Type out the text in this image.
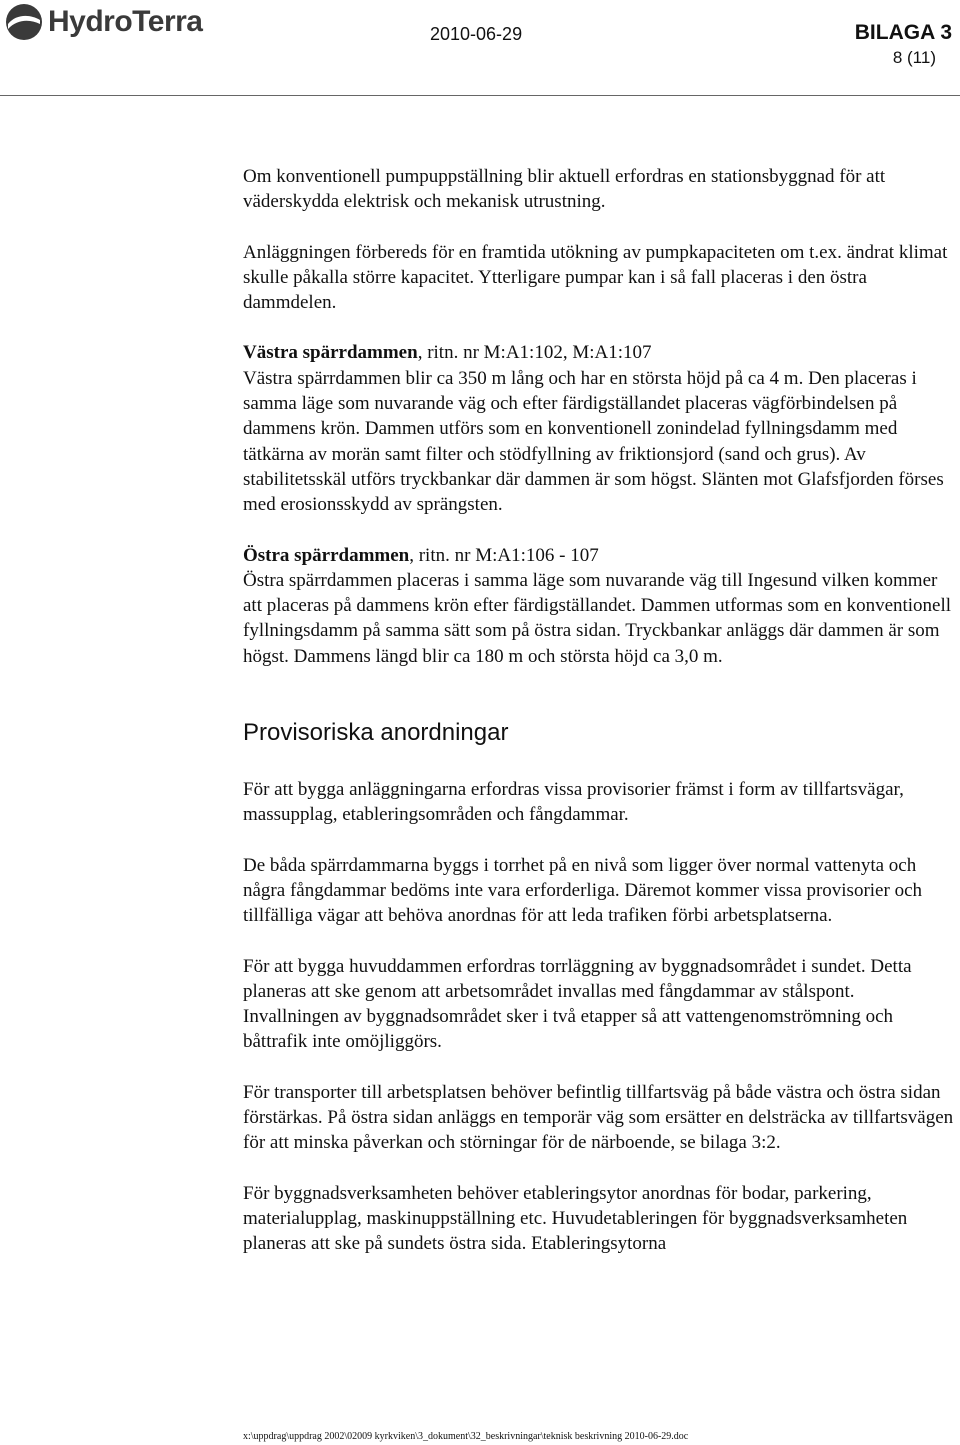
HydroTerra	2010-06-29	BILAGA 3
8 (11)

Om konventionell pumpuppställning blir aktuell erfordras en stationsbyggnad för att väderskydda elektrisk och mekanisk utrustning.

Anläggningen förbereds för en framtida utökning av pumpkapaciteten om t.ex. ändrat klimat skulle påkalla större kapacitet. Ytterligare pumpar kan i så fall placeras i den östra dammdelen.

Västra spärrdammen, ritn. nr M:A1:102, M:A1:107

Västra spärrdammen blir ca 350 m lång och har en största höjd på ca 4 m. Den placeras i samma läge som nuvarande väg och efter färdigställandet placeras vägförbindelsen på dammens krön. Dammen utförs som en konventionell zonindelad fyllningsdamm med tätkärna av morän samt filter och stödfyllning av friktionsjord (sand och grus). Av stabilitetsskäl utförs tryckbankar där dammen är som högst. Slänten mot Glafsfjorden förses med erosionsskydd av sprängsten.

Östra spärrdammen, ritn. nr M:A1:106 - 107

Östra spärrdammen placeras i samma läge som nuvarande väg till Ingesund vilken kommer att placeras på dammens krön efter färdigställandet. Dammen utformas som en konventionell fyllningsdamm på samma sätt som på östra sidan. Tryckbankar anläggs där dammen är som högst. Dammens längd blir ca 180 m och största höjd ca 3,0 m.

Provisoriska anordningar

För att bygga anläggningarna erfordras vissa provisorier främst i form av tillfartsvägar, massupplag, etableringsområden och fångdammar.

De båda spärrdammarna byggs i torrhet på en nivå som ligger över normal vattenyta och några fångdammar bedöms inte vara erforderliga. Däremot kommer vissa provisorier och tillfälliga vägar att behöva anordnas för att leda trafiken förbi arbetsplatserna.

För att bygga huvuddammen erfordras torrläggning av byggnadsområdet i sundet. Detta planeras att ske genom att arbetsområdet invallas med fångdammar av stålspont. Invallningen av byggnadsområdet sker i två etapper så att vattengenomströmning och båttrafik inte omöjliggörs.

För transporter till arbetsplatsen behöver befintlig tillfartsväg på både västra och östra sidan förstärkas. På östra sidan anläggs en temporär väg som ersätter en delsträcka av tillfartsvägen för att minska påverkan och störningar för de närboende, se bilaga 3:2.

För byggnadsverksamheten behöver etableringsytor anordnas för bodar, parkering, materialupplag, maskinuppställning etc. Huvudetableringen för byggnadsverksamheten planeras att ske på sundets östra sida. Etableringsytorna

x:\uppdrag\uppdrag 2002\02009 kyrkviken\3_dokument\32_beskrivningar\teknisk beskrivning 2010-06-29.doc
